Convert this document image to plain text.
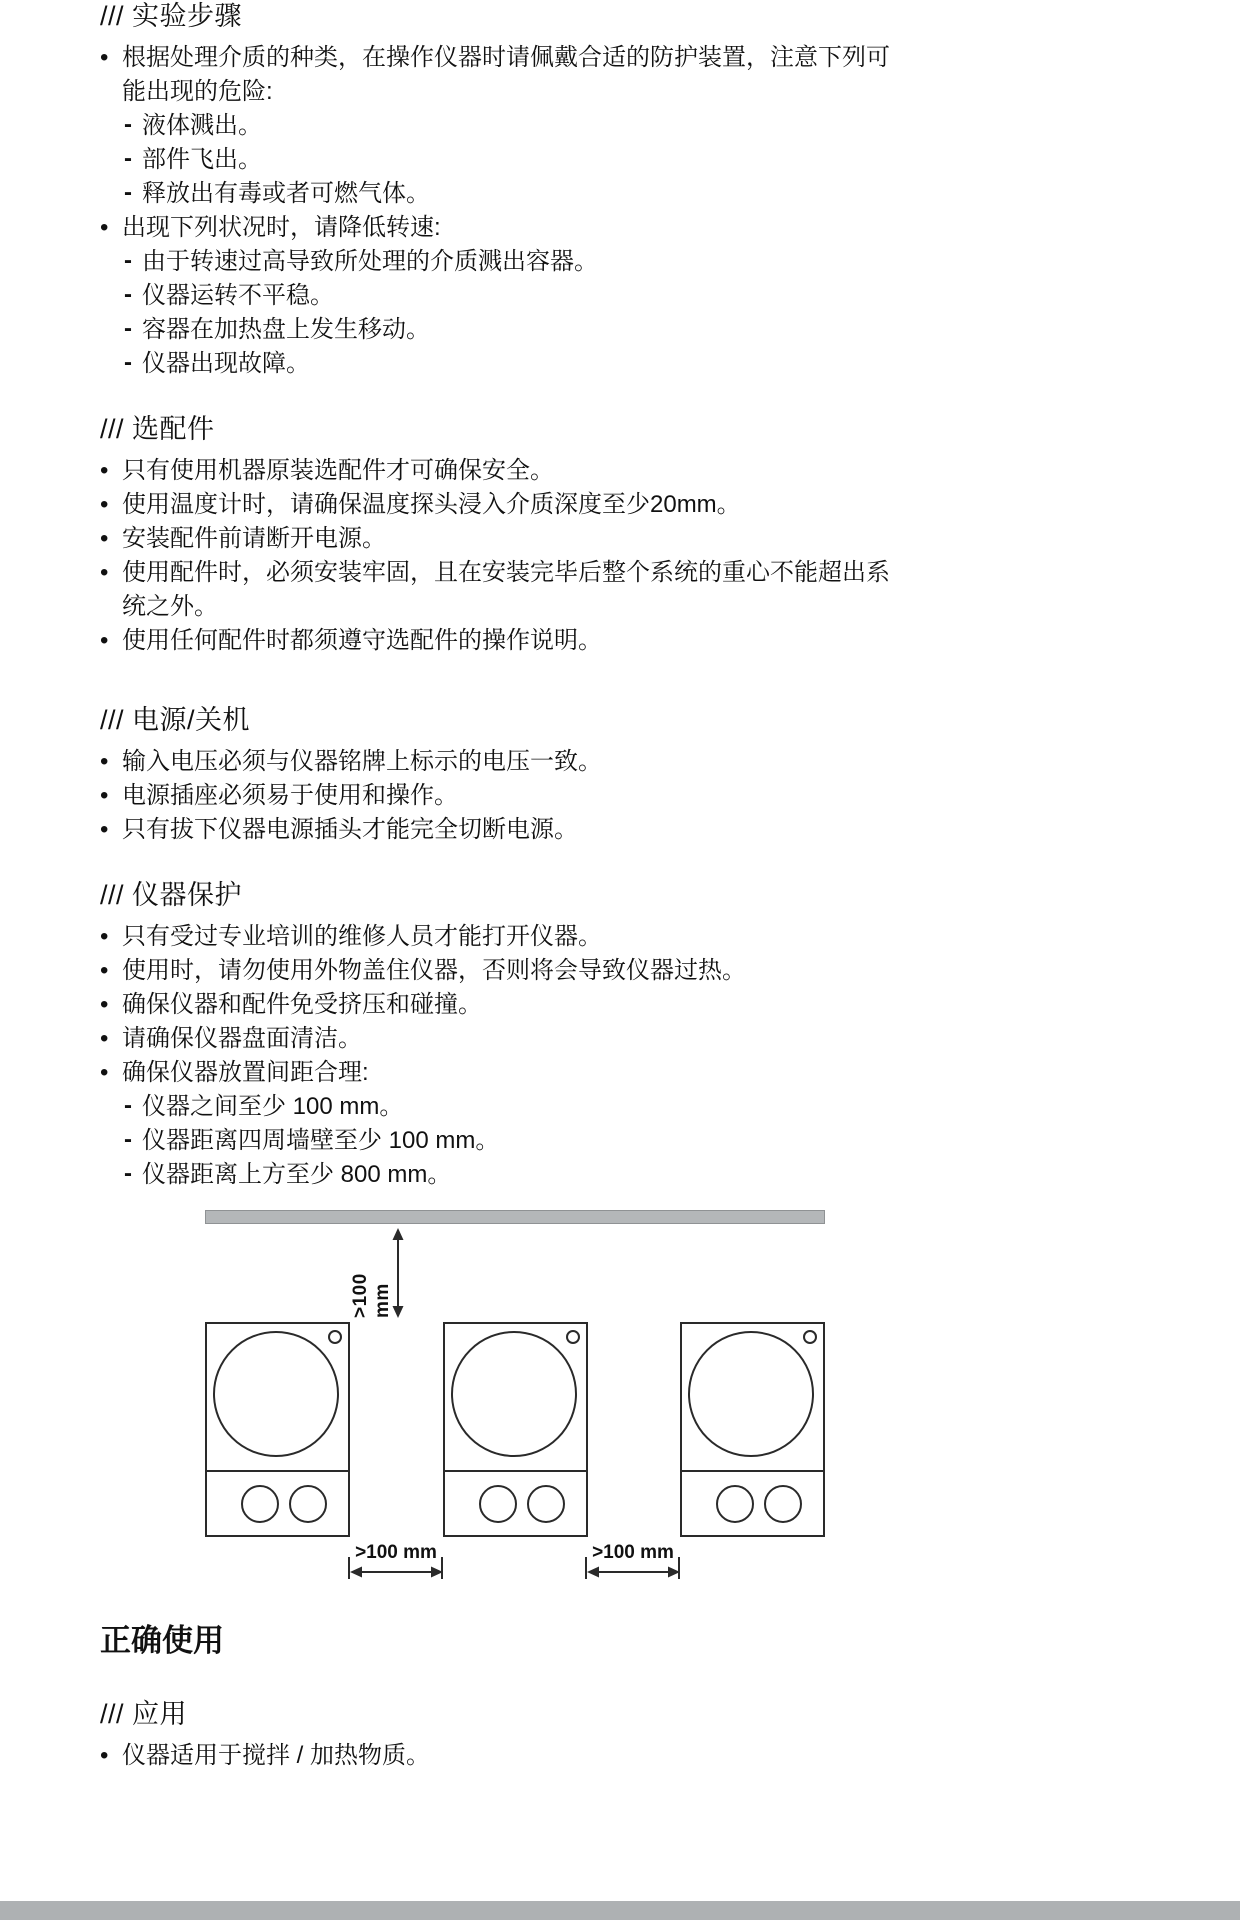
/// 实验步骤
• 根据处理介质的种类，在操作仪器时请佩戴合适的防护装置，注意下列可能出现的危险:
- 液体溅出。
- 部件飞出。
- 释放出有毒或者可燃气体。
• 出现下列状况时，请降低转速:
- 由于转速过高导致所处理的介质溅出容器。
- 仪器运转不平稳。
- 容器在加热盘上发生移动。
- 仪器出现故障。
/// 选配件
• 只有使用机器原装选配件才可确保安全。
• 使用温度计时，请确保温度探头浸入介质深度至少20mm。
• 安装配件前请断开电源。
• 使用配件时，必须安装牢固，且在安装完毕后整个系统的重心不能超出系统之外。
• 使用任何配件时都须遵守选配件的操作说明。
/// 电源/关机
• 输入电压必须与仪器铭牌上标示的电压一致。
• 电源插座必须易于使用和操作。
• 只有拔下仪器电源插头才能完全切断电源。
/// 仪器保护
• 只有受过专业培训的维修人员才能打开仪器。
• 使用时，请勿使用外物盖住仪器，否则将会导致仪器过热。
• 确保仪器和配件免受挤压和碰撞。
• 请确保仪器盘面清洁。
• 确保仪器放置间距合理:
- 仪器之间至少 100 mm。
- 仪器距离四周墙壁至少 100 mm。
- 仪器距离上方至少 800 mm。
>100 mm
>100 mm	>100 mm
正确使用
/// 应用
• 仪器适用于搅拌 / 加热物质。
